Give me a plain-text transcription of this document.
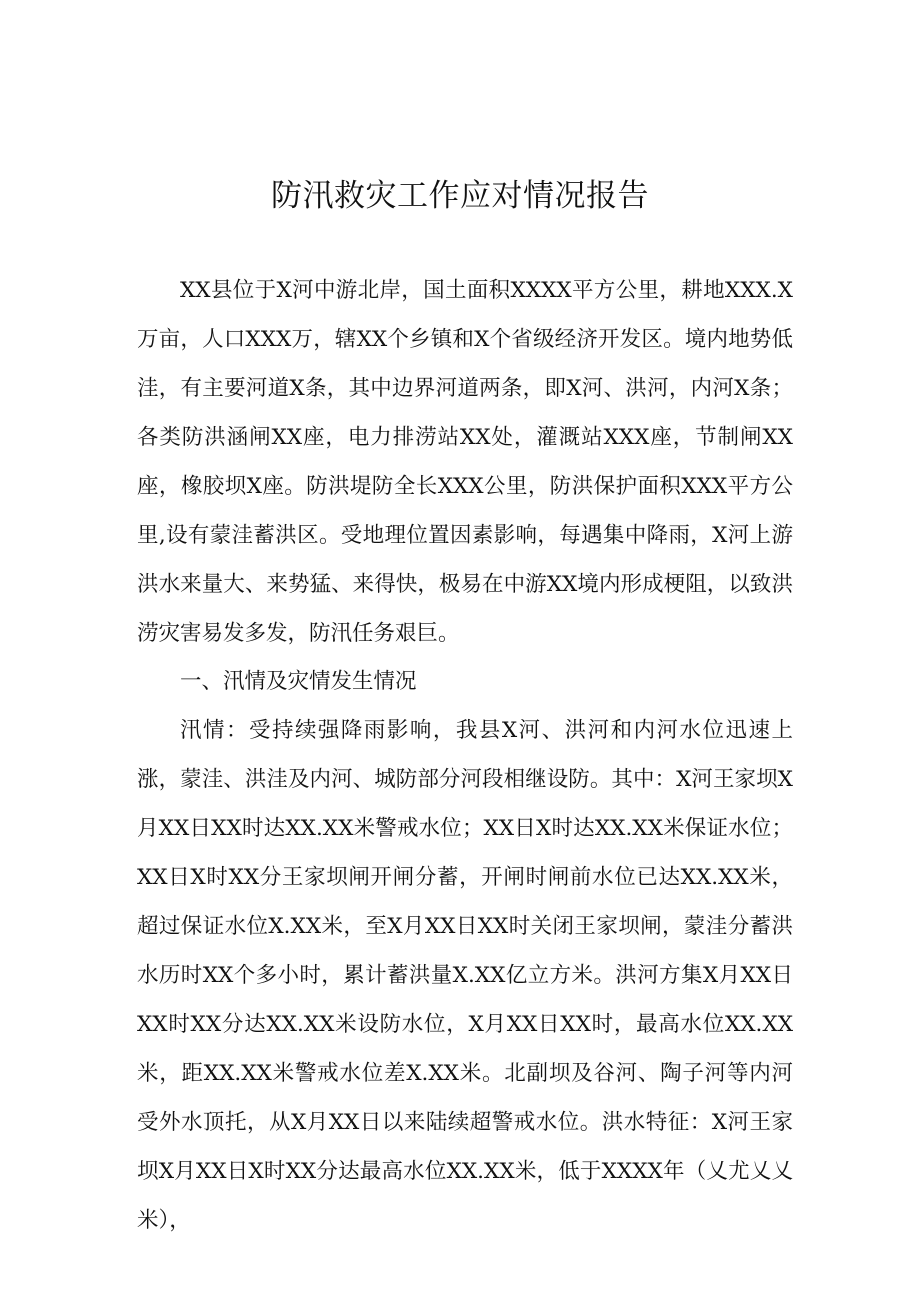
防汛救灾工作应对情况报告

XX县位于X河中游北岸，国土面积XXXX平方公里，耕地XXX.X万亩，人口XXX万，辖XX个乡镇和X个省级经济开发区。境内地势低洼，有主要河道X条，其中边界河道两条，即X河、洪河，内河X条；各类防洪涵闸XX座，电力排涝站XX处，灌溉站XXX座，节制闸XX座，橡胶坝X座。防洪堤防全长XXX公里，防洪保护面积XXX平方公里,设有蒙洼蓄洪区。受地理位置因素影响，每遇集中降雨，X河上游洪水来量大、来势猛、来得快，极易在中游XX境内形成梗阻，以致洪涝灾害易发多发，防汛任务艰巨。

一、汛情及灾情发生情况

汛情：受持续强降雨影响，我县X河、洪河和内河水位迅速上涨，蒙洼、洪洼及内河、城防部分河段相继设防。其中：X河王家坝X月XX日XX时达XX.XX米警戒水位；XX日X时达XX.XX米保证水位；XX日X时XX分王家坝闸开闸分蓄，开闸时闸前水位已达XX.XX米，超过保证水位X.XX米，至X月XX日XX时关闭王家坝闸，蒙洼分蓄洪水历时XX个多小时，累计蓄洪量X.XX亿立方米。洪河方集X月XX日XX时XX分达XX.XX米设防水位，X月XX日XX时，最高水位XX.XX米，距XX.XX米警戒水位差X.XX米。北副坝及谷河、陶子河等内河受外水顶托，从X月XX日以来陆续超警戒水位。洪水特征：X河王家坝X月XX日X时XX分达最高水位XX.XX米，低于XXXX年（乂尤乂乂米），
